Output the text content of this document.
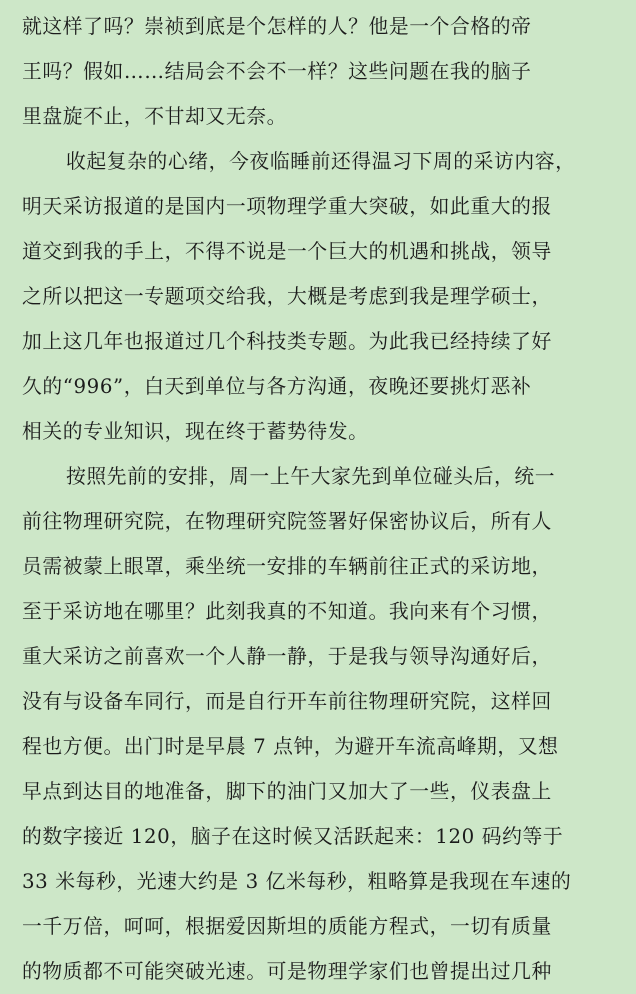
就这样了吗？崇祯到底是个怎样的人？他是一个合格的帝
王吗？假如……结局会不会不一样？这些问题在我的脑子
里盘旋不止，不甘却又无奈。
收起复杂的心绪，今夜临睡前还得温习下周的采访内容，
明天采访报道的是国内一项物理学重大突破，如此重大的报
道交到我的手上，不得不说是一个巨大的机遇和挑战，领导
之所以把这一专题项交给我，大概是考虑到我是理学硕士，
加上这几年也报道过几个科技类专题。为此我已经持续了好
久的“996”，白天到单位与各方沟通，夜晚还要挑灯恶补
相关的专业知识，现在终于蓄势待发。
按照先前的安排，周一上午大家先到单位碰头后，统一
前往物理研究院，在物理研究院签署好保密协议后，所有人
员需被蒙上眼罩，乘坐统一安排的车辆前往正式的采访地，
至于采访地在哪里？此刻我真的不知道。我向来有个习惯，
重大采访之前喜欢一个人静一静，于是我与领导沟通好后，
没有与设备车同行，而是自行开车前往物理研究院，这样回
程也方便。出门时是早晨 7 点钟，为避开车流高峰期，又想
早点到达目的地准备，脚下的油门又加大了一些，仪表盘上
的数字接近 120，脑子在这时候又活跃起来：120 码约等于
33 米每秒，光速大约是 3 亿米每秒，粗略算是我现在车速的
一千万倍，呵呵，根据爱因斯坦的质能方程式，一切有质量
的物质都不可能突破光速。可是物理学家们也曾提出过几种
